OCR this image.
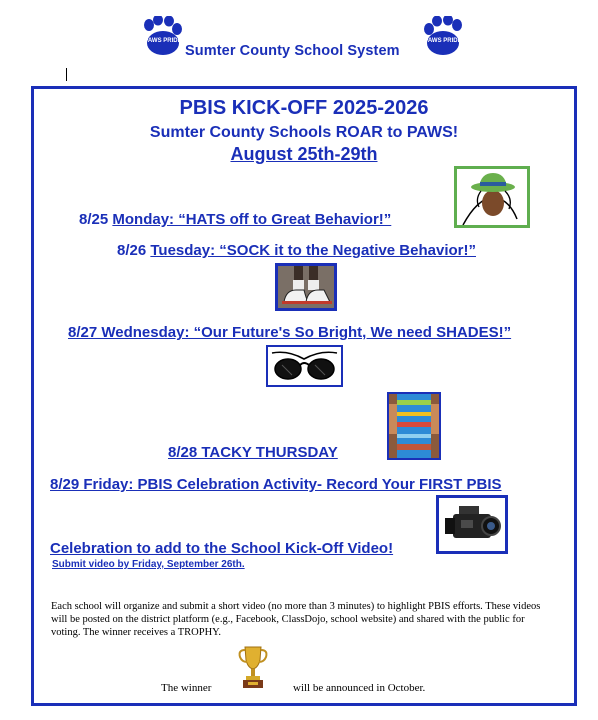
PAWS PRIDE	PAWS PRIDE
Sumter County School System
PBIS KICK-OFF 2025-2026
Sumter County Schools ROAR to PAWS!
August 25th-29th
8/25 Monday: “HATS off to Great Behavior!”
8/26 Tuesday: “SOCK it to the Negative Behavior!”
8/27 Wednesday: “Our Future's So Bright, We need SHADES!”
8/28 TACKY THURSDAY
8/29 Friday: PBIS Celebration Activity- Record Your FIRST PBIS
Celebration to add to the School Kick-Off Video!
Submit video by Friday, September 26th.
Each school will organize and submit a short video (no more than 3 minutes) to highlight PBIS efforts. These videos will be posted on the district platform (e.g., Facebook, ClassDojo, school website) and shared with the public for voting. The winner receives a TROPHY.
The winner	will be announced in October.
